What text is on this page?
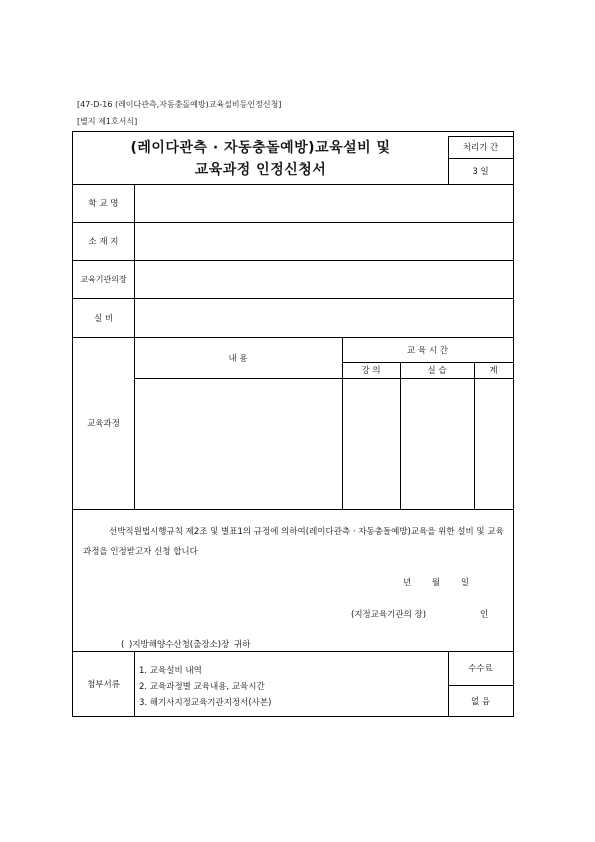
[47-D-16 (레이다관측,자동충돌예방)교육설비등인정신청]
[별지 제1호서식]
(레이다관측 · 자동충돌예방)교육설비 및
교육과정 인정신청서
처리기 간
3 일
학 교 명
소 재 지
교육기관의장
실 비
교육과정
내 용
교 육 시 간
강 의	실 습	계
선박직원법시행규칙 제2조 및 별표1의 규정에 의하여(레이다관측 · 자동충돌예방)교육을 위한 설비 및 교육과정을 인정받고자 신청 합니다
년 월 일
(지정교육기관의 장)	인
( )지방해양수산청(출장소)장 귀하
첨부서류
1. 교육설비 내역
2. 교육과정별 교육내용, 교육시간
3. 해기사지정교육기관지정서(사본)
수수료
없 음
